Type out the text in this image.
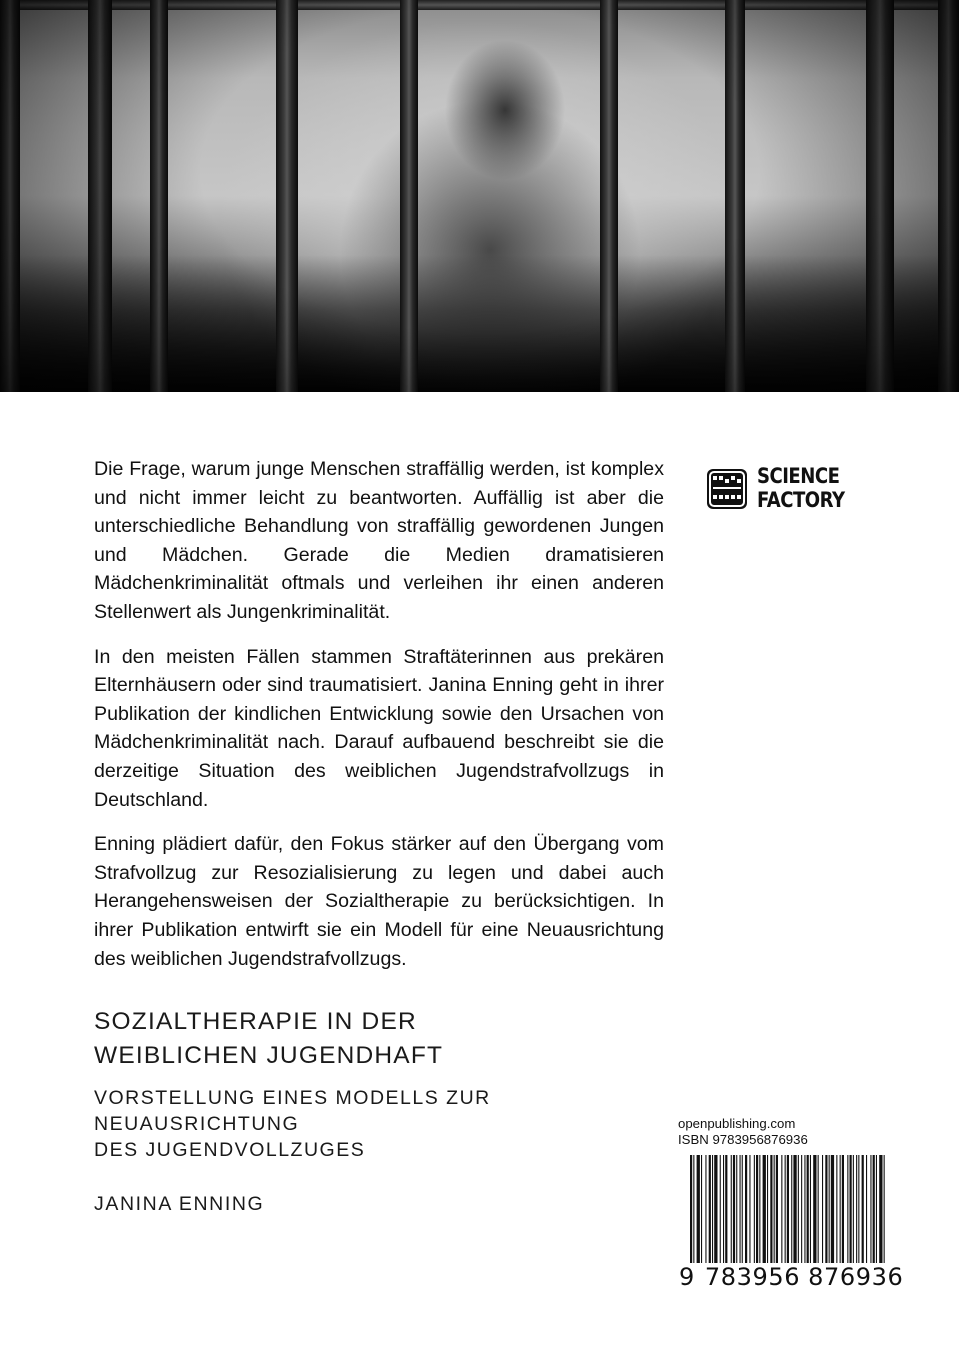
Die Frage, warum junge Menschen straffällig werden, ist komplex und nicht immer leicht zu beantworten. Auffällig ist aber die unterschiedliche Behandlung von straffällig gewordenen Jungen und Mädchen. Gerade die Medien dramatisieren Mädchenkriminalität oftmals und verleihen ihr einen anderen Stellenwert als Jungenkriminalität.

In den meisten Fällen stammen Straftäterinnen aus prekären Elternhäusern oder sind traumatisiert. Janina Enning geht in ihrer Publikation der kindlichen Entwicklung sowie den Ursachen von Mädchenkriminalität nach. Darauf aufbauend beschreibt sie die derzeitige Situation des weiblichen Jugendstrafvollzugs in Deutschland.

Enning plädiert dafür, den Fokus stärker auf den Übergang vom Strafvollzug zur Resozialisierung zu legen und dabei auch Herangehensweisen der Sozialtherapie zu berücksichtigen. In ihrer Publikation entwirft sie ein Modell für eine Neuausrichtung des weiblichen Jugendstrafvollzugs.

SCIENCE
FACTORY
SOZIALTHERAPIE IN DER
WEIBLICHEN JUGENDHAFT
VORSTELLUNG EINES MODELLS ZUR NEUAUSRICHTUNG
DES JUGENDVOLLZUGES
JANINA ENNING
openpublishing.com
ISBN 9783956876936
9 783956 876936
